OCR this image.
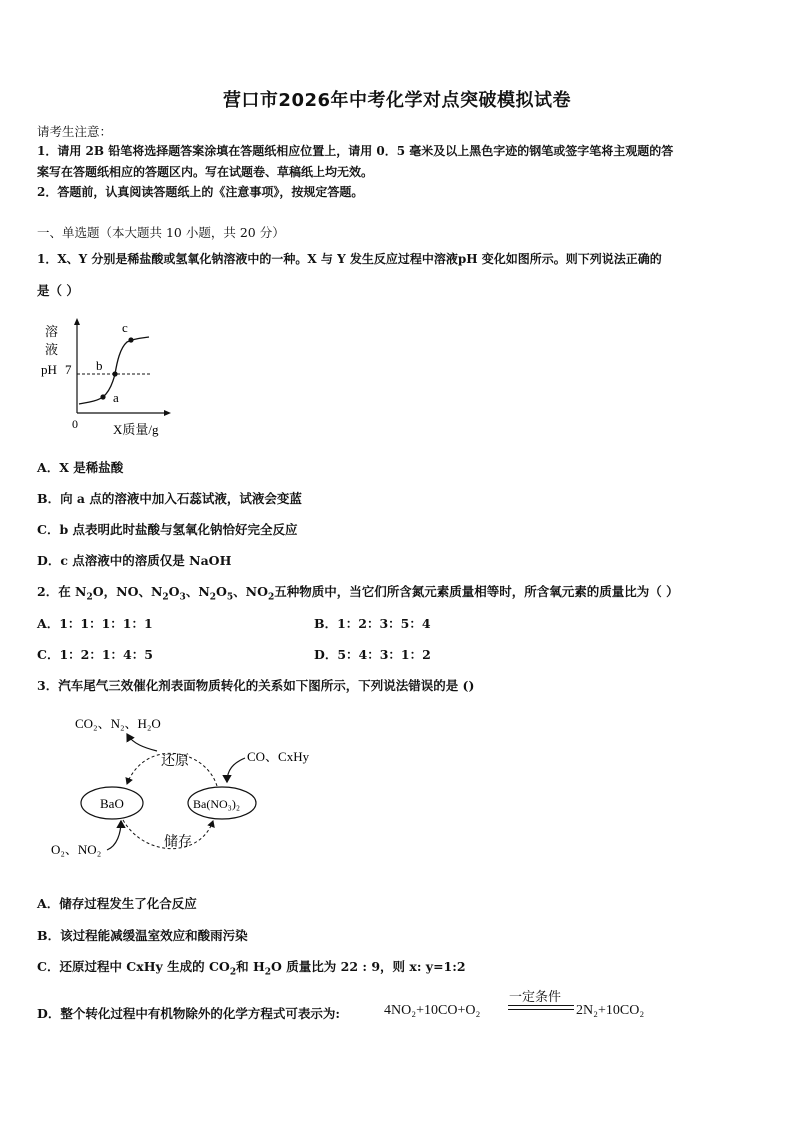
营口市2026年中考化学对点突破模拟试卷
请考生注意：
1．请用 2B 铅笔将选择题答案涂填在答题纸相应位置上，请用 0．5 毫米及以上黑色字迹的钢笔或签字笔将主观题的答
案写在答题纸相应的答题区内。写在试题卷、草稿纸上均无效。
2．答题前，认真阅读答题纸上的《注意事项》，按规定答题。
一、单选题（本大题共 10 小题，共 20 分）
1．X、Y 分别是稀盐酸或氢氧化钠溶液中的一种。X 与 Y 发生反应过程中溶液pH 变化如图所示。则下列说法正确的
是（ ）
溶
液
pH 7
0	X质量/g
a
b
c
A．X 是稀盐酸
B．向 a 点的溶液中加入石蕊试液，试液会变蓝
C．b 点表明此时盐酸与氢氧化钠恰好完全反应
D．c 点溶液中的溶质仅是 NaOH
2．在 $N_2O$，NO、$N_2O_3$、$N_2O_5$、$NO_2$五种物质中，当它们所含氮元素质量相等时，所含氧元素的质量比为（ ）
A．1：1：1：1：1	B．1：2：3：5：4
C．1：2：1：4：5	D．5：4：3：1：2
3．汽车尾气三效催化剂表面物质转化的关系如下图所示，下列说法错误的是 ()
BaO	Ba(NO₃)₂
CO₂、N₂、H₂O
CO、CxHy
还原
储存
O₂、NO₂
A．储存过程发生了化合反应
B．该过程能减缓温室效应和酸雨污染
C．还原过程中 CxHy 生成的 $CO_2$和 $H_2O$ 质量比为 22 : 9，则 x: y=1:2
D．整个转化过程中有机物除外的化学方程式可表示为:	4NO₂+10CO+O₂
一定条件
2N₂+10CO₂
